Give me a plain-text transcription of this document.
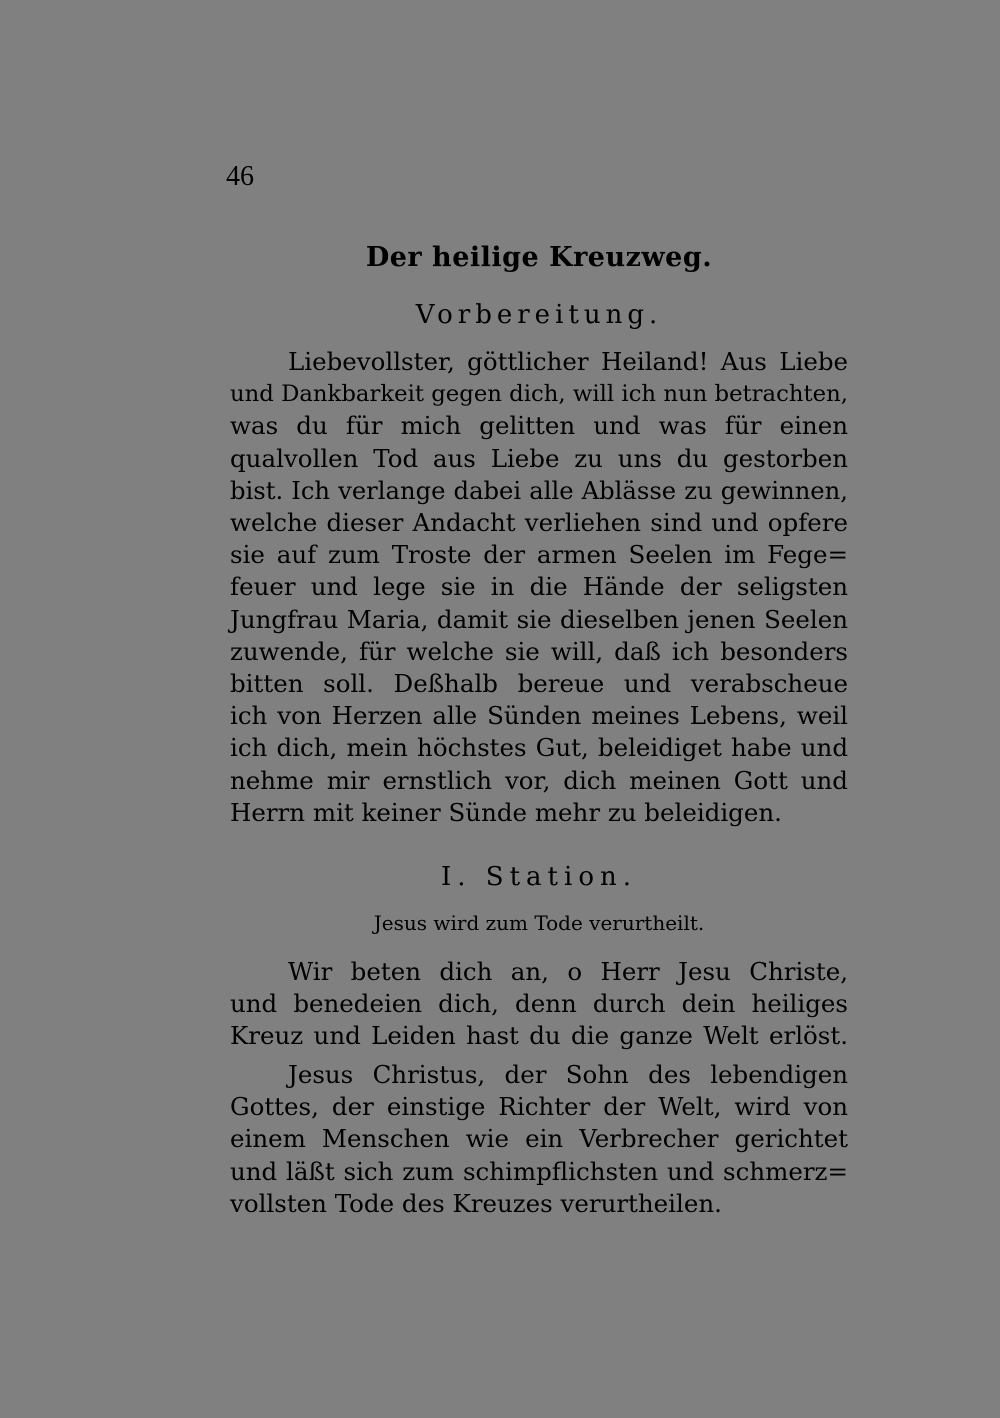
46
Der heilige Kreuzweg.
Vorbereitung.
Liebevollster, göttlicher Heiland! Aus Liebe
und Dankbarkeit gegen dich, will ich nun betrachten,
was du für mich gelitten und was für einen
qualvollen Tod aus Liebe zu uns du gestorben
bist. Ich verlange dabei alle Ablässe zu gewinnen,
welche dieser Andacht verliehen sind und opfere
sie auf zum Troste der armen Seelen im Fege=
feuer und lege sie in die Hände der seligsten
Jungfrau Maria, damit sie dieselben jenen Seelen
zuwende, für welche sie will, daß ich besonders
bitten soll. Deßhalb bereue und verabscheue
ich von Herzen alle Sünden meines Lebens, weil
ich dich, mein höchstes Gut, beleidiget habe und
nehme mir ernstlich vor, dich meinen Gott und
Herrn mit keiner Sünde mehr zu beleidigen.
I. Station.
Jesus wird zum Tode verurtheilt.
Wir beten dich an, o Herr Jesu Christe,
und benedeien dich, denn durch dein heiliges
Kreuz und Leiden hast du die ganze Welt erlöst.
Jesus Christus, der Sohn des lebendigen
Gottes, der einstige Richter der Welt, wird von
einem Menschen wie ein Verbrecher gerichtet
und läßt sich zum schimpflichsten und schmerz=
vollsten Tode des Kreuzes verurtheilen.
